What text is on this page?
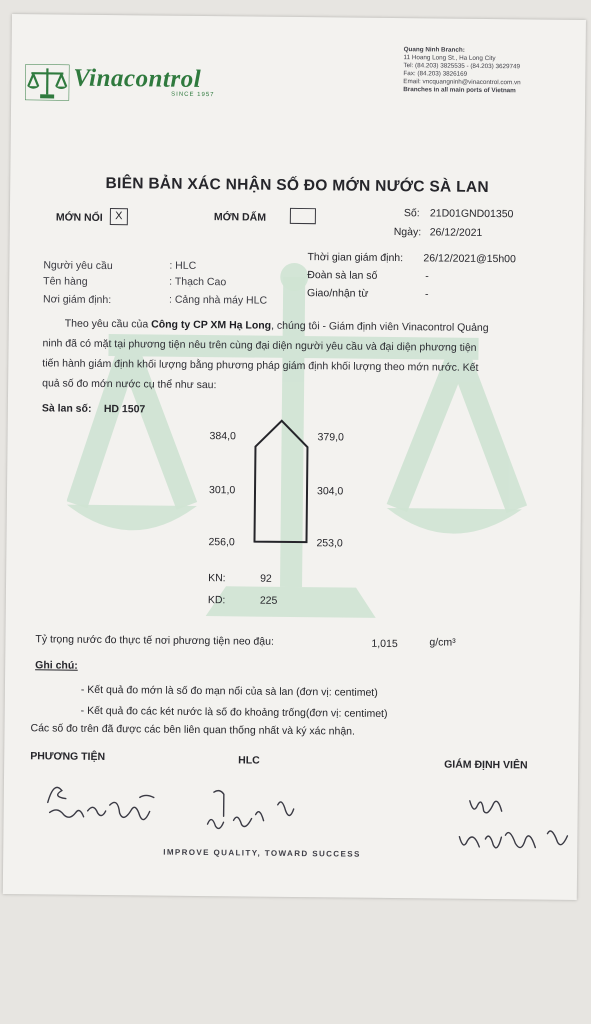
Vinacontrol
SINCE 1957
Quang Ninh Branch:
11 Hoang Long St., Ha Long City
Tel: (84.203) 3825535 - (84.203) 3629749
Fax: (84.203) 3826169
Email: vncquangninh@vinacontrol.com.vn
Branches in all main ports of Vietnam
BIÊN BẢN XÁC NHẬN SỐ ĐO MỚN NƯỚC SÀ LAN
MỚN NỔI	X	MỚN DẤM	Số: 21D01GND01350
Ngày: 26/12/2021
Người yêu cầu	: HLC
Tên hàng	: Thạch Cao
Nơi giám định:	: Cảng nhà máy HLC
Thời gian giám định: 26/12/2021@15h00
Đoàn sà lan số	-
Giao/nhận từ	-
Theo yêu cầu của Công ty CP XM Hạ Long, chúng tôi - Giám định viên Vinacontrol Quảng
ninh đã có mặt tại phương tiện nêu trên cùng đại diện người yêu cầu và đại diện phương tiện
tiến hành giám định khối lượng bằng phương pháp giám định khối lượng theo mớn nước. Kết
quả số đo mớn nước cụ thể như sau:
Sà lan số: HD 1507
384,0	379,0
301,0	304,0
256,0	253,0
KN:	92
KD:	225
Tỷ trọng nước đo thực tế nơi phương tiện neo đậu:	1,015	g/cm³
Ghi chú:
- Kết quả đo mớn là số đo mạn nổi của sà lan (đơn vị: centimet)
- Kết quả đo các két nước là số đo khoảng trống(đơn vị: centimet)
Các số đo trên đã được các bên liên quan thống nhất và ký xác nhận.
PHƯƠNG TIỆN	HLC	GIÁM ĐỊNH VIÊN
IMPROVE QUALITY, TOWARD SUCCESS
